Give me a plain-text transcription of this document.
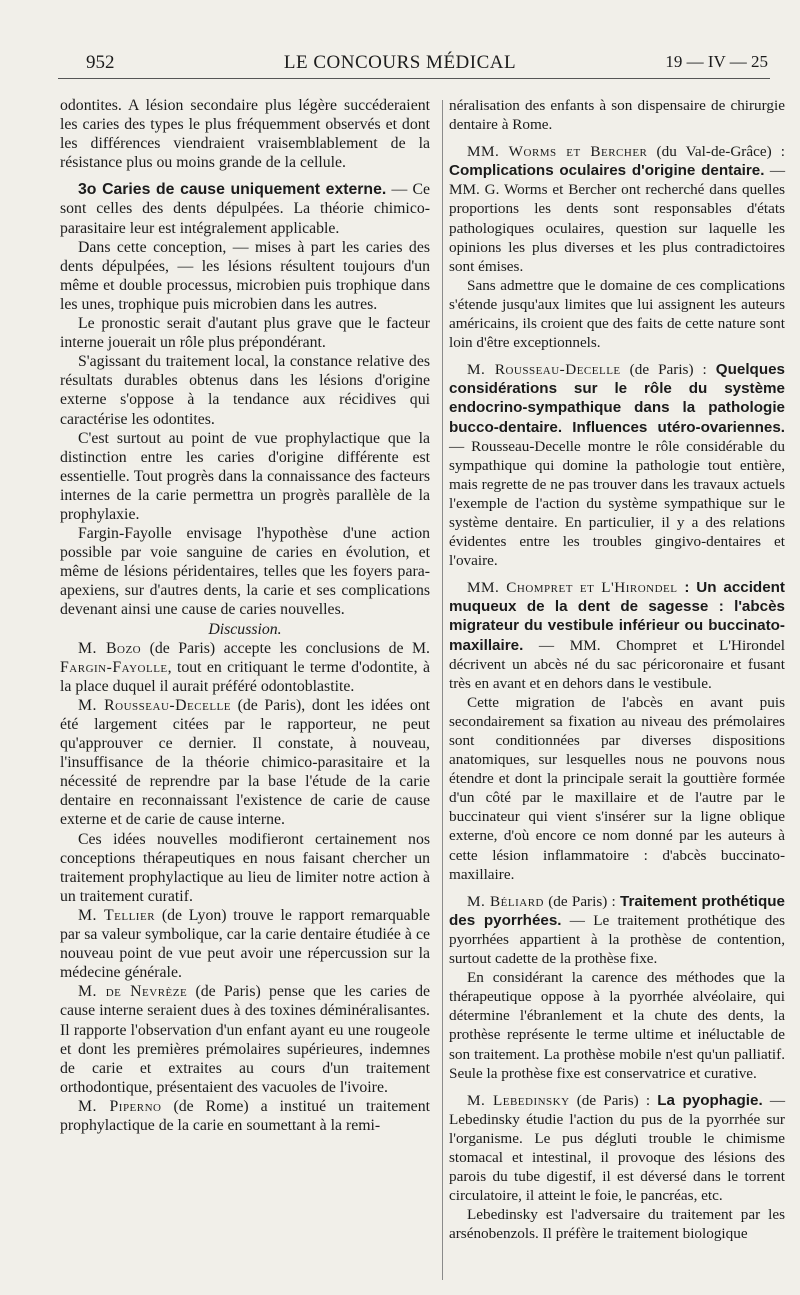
952	LE CONCOURS MÉDICAL	19 — IV — 25

odontites. A lésion secondaire plus légère succéderaient les caries des types le plus fréquemment observés et dont les différences viendraient vraisemblablement de la résistance plus ou moins grande de la cellule.

3o Caries de cause uniquement externe. — Ce sont celles des dents dépulpées. La théorie chimico-parasitaire leur est intégralement applicable.

Dans cette conception, — mises à part les caries des dents dépulpées, — les lésions résultent toujours d'un même et double processus, microbien puis trophique dans les unes, trophique puis microbien dans les autres.

Le pronostic serait d'autant plus grave que le facteur interne jouerait un rôle plus prépondérant.

S'agissant du traitement local, la constance relative des résultats durables obtenus dans les lésions d'origine externe s'oppose à la tendance aux récidives qui caractérise les odontites.

C'est surtout au point de vue prophylactique que la distinction entre les caries d'origine différente est essentielle. Tout progrès dans la connaissance des facteurs internes de la carie permettra un progrès parallèle de la prophylaxie.

Fargin-Fayolle envisage l'hypothèse d'une action possible par voie sanguine de caries en évolution, et même de lésions péridentaires, telles que les foyers para-apexiens, sur d'autres dents, la carie et ses complications devenant ainsi une cause de caries nouvelles.

Discussion.

M. Bozo (de Paris) accepte les conclusions de M. Fargin-Fayolle, tout en critiquant le terme d'odontite, à la place duquel il aurait préféré odontoblastite.

M. Rousseau-Decelle (de Paris), dont les idées ont été largement citées par le rapporteur, ne peut qu'approuver ce dernier. Il constate, à nouveau, l'insuffisance de la théorie chimico-parasitaire et la nécessité de reprendre par la base l'étude de la carie dentaire en reconnaissant l'existence de carie de cause externe et de carie de cause interne.

Ces idées nouvelles modifieront certainement nos conceptions thérapeutiques en nous faisant chercher un traitement prophylactique au lieu de limiter notre action à un traitement curatif.

M. Tellier (de Lyon) trouve le rapport remarquable par sa valeur symbolique, car la carie dentaire étudiée à ce nouveau point de vue peut avoir une répercussion sur la médecine générale.

M. de Nevrèze (de Paris) pense que les caries de cause interne seraient dues à des toxines déminéralisantes. Il rapporte l'observation d'un enfant ayant eu une rougeole et dont les premières prémolaires supérieures, indemnes de carie et extraites au cours d'un traitement orthodontique, présentaient des vacuoles de l'ivoire.

M. Piperno (de Rome) a institué un traitement prophylactique de la carie en soumettant à la remi-

néralisation des enfants à son dispensaire de chirurgie dentaire à Rome.

MM. Worms et Bercher (du Val-de-Grâce) : Complications oculaires d'origine dentaire. — MM. G. Worms et Bercher ont recherché dans quelles proportions les dents sont responsables d'états pathologiques oculaires, question sur laquelle les opinions les plus diverses et les plus contradictoires sont émises.

Sans admettre que le domaine de ces complications s'étende jusqu'aux limites que lui assignent les auteurs américains, ils croient que des faits de cette nature sont loin d'être exceptionnels.

M. Rousseau-Decelle (de Paris) : Quelques considérations sur le rôle du système endocrino-sympathique dans la pathologie bucco-dentaire. Influences utéro-ovariennes. — Rousseau-Decelle montre le rôle considérable du sympathique qui domine la pathologie tout entière, mais regrette de ne pas trouver dans les travaux actuels l'exemple de l'action du système sympathique sur le système dentaire. En particulier, il y a des relations évidentes entre les troubles gingivo-dentaires et l'ovaire.

MM. Chompret et L'Hirondel : Un accident muqueux de la dent de sagesse : l'abcès migrateur du vestibule inférieur ou buccinato-maxillaire. — MM. Chompret et L'Hirondel décrivent un abcès né du sac péricoronaire et fusant très en avant et en dehors dans le vestibule.

Cette migration de l'abcès en avant puis secondairement sa fixation au niveau des prémolaires sont conditionnées par diverses dispositions anatomiques, sur lesquelles nous ne pouvons nous étendre et dont la principale serait la gouttière formée d'un côté par le maxillaire et de l'autre par le buccinateur qui vient s'insérer sur la ligne oblique externe, d'où encore ce nom donné par les auteurs à cette lésion inflammatoire : d'abcès buccinato-maxillaire.

M. Béliard (de Paris) : Traitement prothétique des pyorrhées. — Le traitement prothétique des pyorrhées appartient à la prothèse de contention, surtout cadette de la prothèse fixe.

En considérant la carence des méthodes que la thérapeutique oppose à la pyorrhée alvéolaire, qui détermine l'ébranlement et la chute des dents, la prothèse représente le terme ultime et inéluctable de son traitement. La prothèse mobile n'est qu'un palliatif. Seule la prothèse fixe est conservatrice et curative.

M. Lebedinsky (de Paris) : La pyophagie. — Lebedinsky étudie l'action du pus de la pyorrhée sur l'organisme. Le pus dégluti trouble le chimisme stomacal et intestinal, il provoque des lésions des parois du tube digestif, il est déversé dans le torrent circulatoire, il atteint le foie, le pancréas, etc.

Lebedinsky est l'adversaire du traitement par les arsénobenzols. Il préfère le traitement biologique
